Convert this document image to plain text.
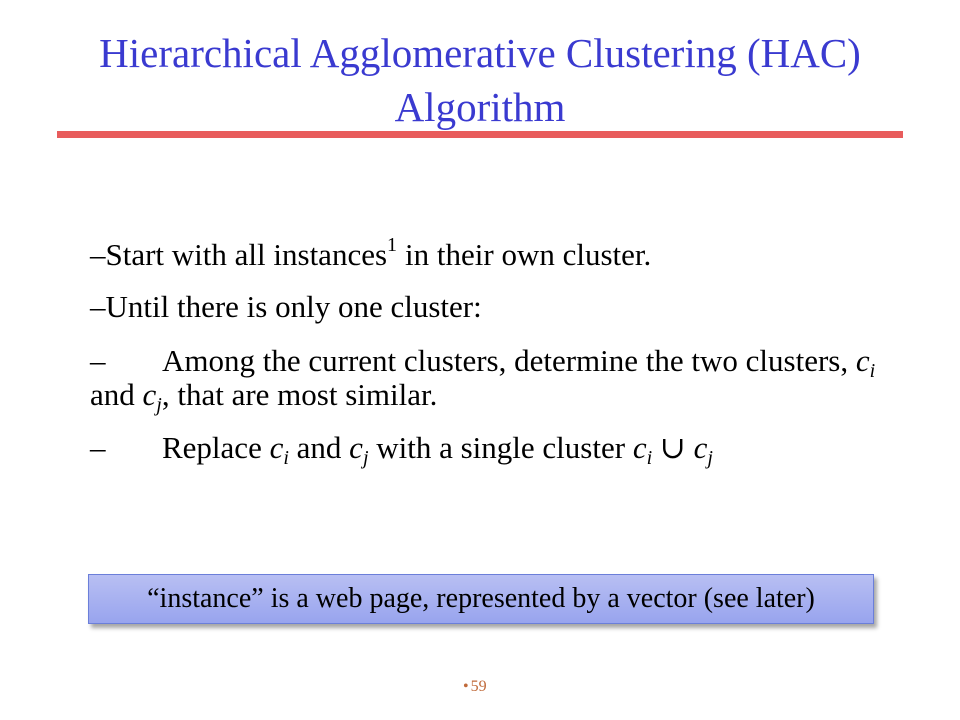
Hierarchical Agglomerative Clustering (HAC)
Algorithm
–Start with all instances$^1$ in their own cluster.
–Until there is only one cluster:
– Among the current clusters, determine the two clusters, $c_i$ and $c_j$, that are most similar.
– Replace $c_i$ and $c_j$ with a single cluster $c_i$ ∪ $c_j$
“instance” is a web page, represented by a vector (see later)
• 59
